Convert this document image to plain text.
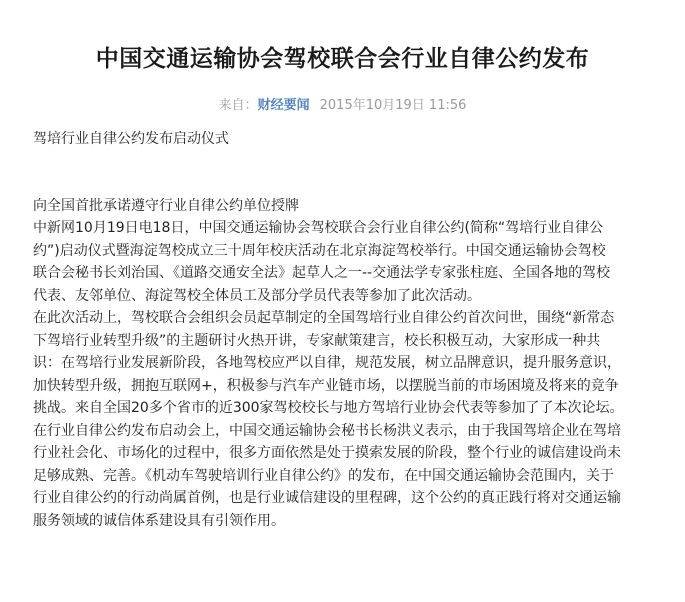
中国交通运输协会驾校联合会行业自律公约发布
来自：财经要闻 2015年10月19日 11:56

驾培行业自律公约发布启动仪式

向全国首批承诺遵守行业自律公约单位授牌

中新网10月19日电18日，中国交通运输协会驾校联合会行业自律公约(简称“驾培行业自律公
约”)启动仪式暨海淀驾校成立三十周年校庆活动在北京海淀驾校举行。中国交通运输协会驾校
联合会秘书长刘治国、《道路交通安全法》起草人之一--交通法学专家张柱庭、全国各地的驾校
代表、友邻单位、海淀驾校全体员工及部分学员代表等参加了此次活动。

在此次活动上，驾校联合会组织会员起草制定的全国驾培行业自律公约首次问世，围绕“新常态
下驾培行业转型升级”的主题研讨火热开讲，专家献策建言，校长积极互动，大家形成一种共
识：在驾培行业发展新阶段，各地驾校应严以自律，规范发展，树立品牌意识，提升服务意识，
加快转型升级，拥抱互联网+，积极参与汽车产业链市场，以摆脱当前的市场困境及将来的竞争
挑战。来自全国20多个省市的近300家驾校校长与地方驾培行业协会代表等参加了了本次论坛。

在行业自律公约发布启动会上，中国交通运输协会秘书长杨洪义表示，由于我国驾培企业在驾培
行业社会化、市场化的过程中，很多方面依然是处于摸索发展的阶段，整个行业的诚信建设尚未
足够成熟、完善。《机动车驾驶培训行业自律公约》的发布，在中国交通运输协会范围内，关于
行业自律公约的行动尚属首例，也是行业诚信建设的里程碑，这个公约的真正践行将对交通运输
服务领域的诚信体系建设具有引领作用。
